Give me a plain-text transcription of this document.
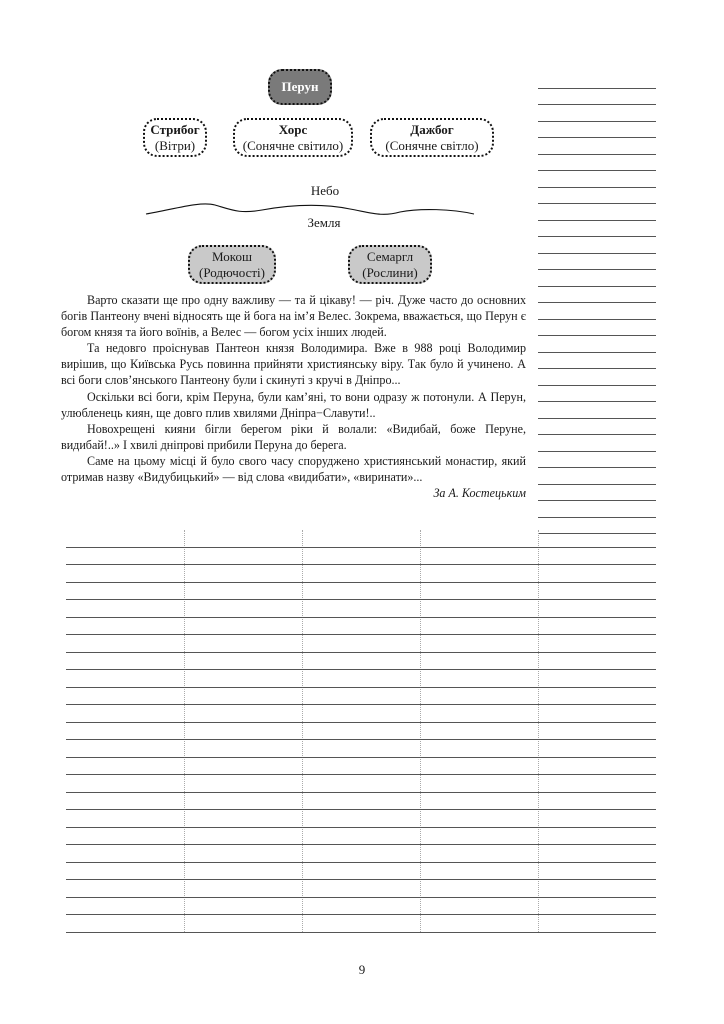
Перун
Стрибог
(Вітри)
Хорс
(Сонячне світило)
Дажбог
(Сонячне світло)
Небо
Земля
Мокош
(Родючості)
Семаргл
(Рослини)

Варто сказати ще про одну важливу — та й цікаву! — річ. Дуже часто до основних богів Пантеону вчені відносять ще й бога на ім’я Велес. Зокрема, вважається, що Перун є богом князя та його воїнів, а Велес — богом усіх інших людей.

Та недовго проіснував Пантеон князя Володимира. Вже в 988 році Володимир вирішив, що Київська Русь повинна прийняти християнську віру. Так було й учинено. А всі боги слов’янського Пантеону були і скинуті з кручі в Дніпро...

Оскільки всі боги, крім Перуна, були кам’яні, то вони одразу ж потонули. А Перун, улюбленець киян, ще довго плив хвилями Дніпра−Славути!..

Новохрещені кияни бігли берегом ріки й волали: «Видибай, боже Перуне, видибай!..» І хвилі дніпрові прибили Перуна до берега.

Саме на цьому місці й було свого часу споруджено християнський монастир, який отримав назву «Видубицький» — від слова «видибати», «виринати»...

За А. Костецьким

9
